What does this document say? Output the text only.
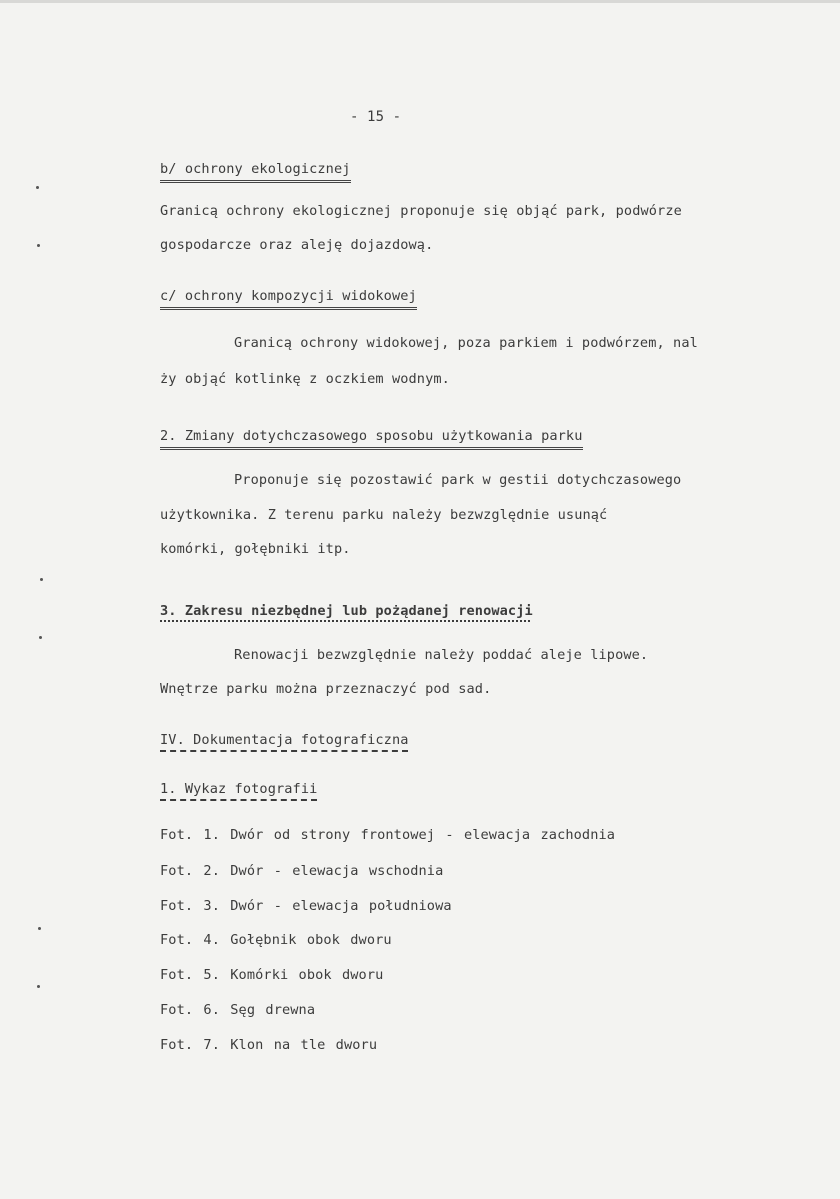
- 15 -
b/ ochrony ekologicznej
Granicą ochrony ekologicznej proponuje się objąć park, podwórze
gospodarcze oraz aleję dojazdową.
c/ ochrony kompozycji widokowej
Granicą ochrony widokowej, poza parkiem i podwórzem, nal
ży objąć kotlinkę z oczkiem wodnym.
2. Zmiany dotychczasowego sposobu użytkowania parku
Proponuje się pozostawić park w gestii dotychczasowego
użytkownika. Z terenu parku należy bezwzględnie usunąć
komórki, gołębniki itp.
3. Zakresu niezbędnej lub pożądanej renowacji
Renowacji bezwzględnie należy poddać aleje lipowe.
Wnętrze parku można przeznaczyć pod sad.
IV. Dokumentacja fotograficzna
1. Wykaz fotografii
Fot. 1. Dwór od strony frontowej - elewacja zachodnia
Fot. 2. Dwór - elewacja wschodnia
Fot. 3. Dwór - elewacja południowa
Fot. 4. Gołębnik obok dworu
Fot. 5. Komórki obok dworu
Fot. 6. Sęg drewna
Fot. 7. Klon na tle dworu
